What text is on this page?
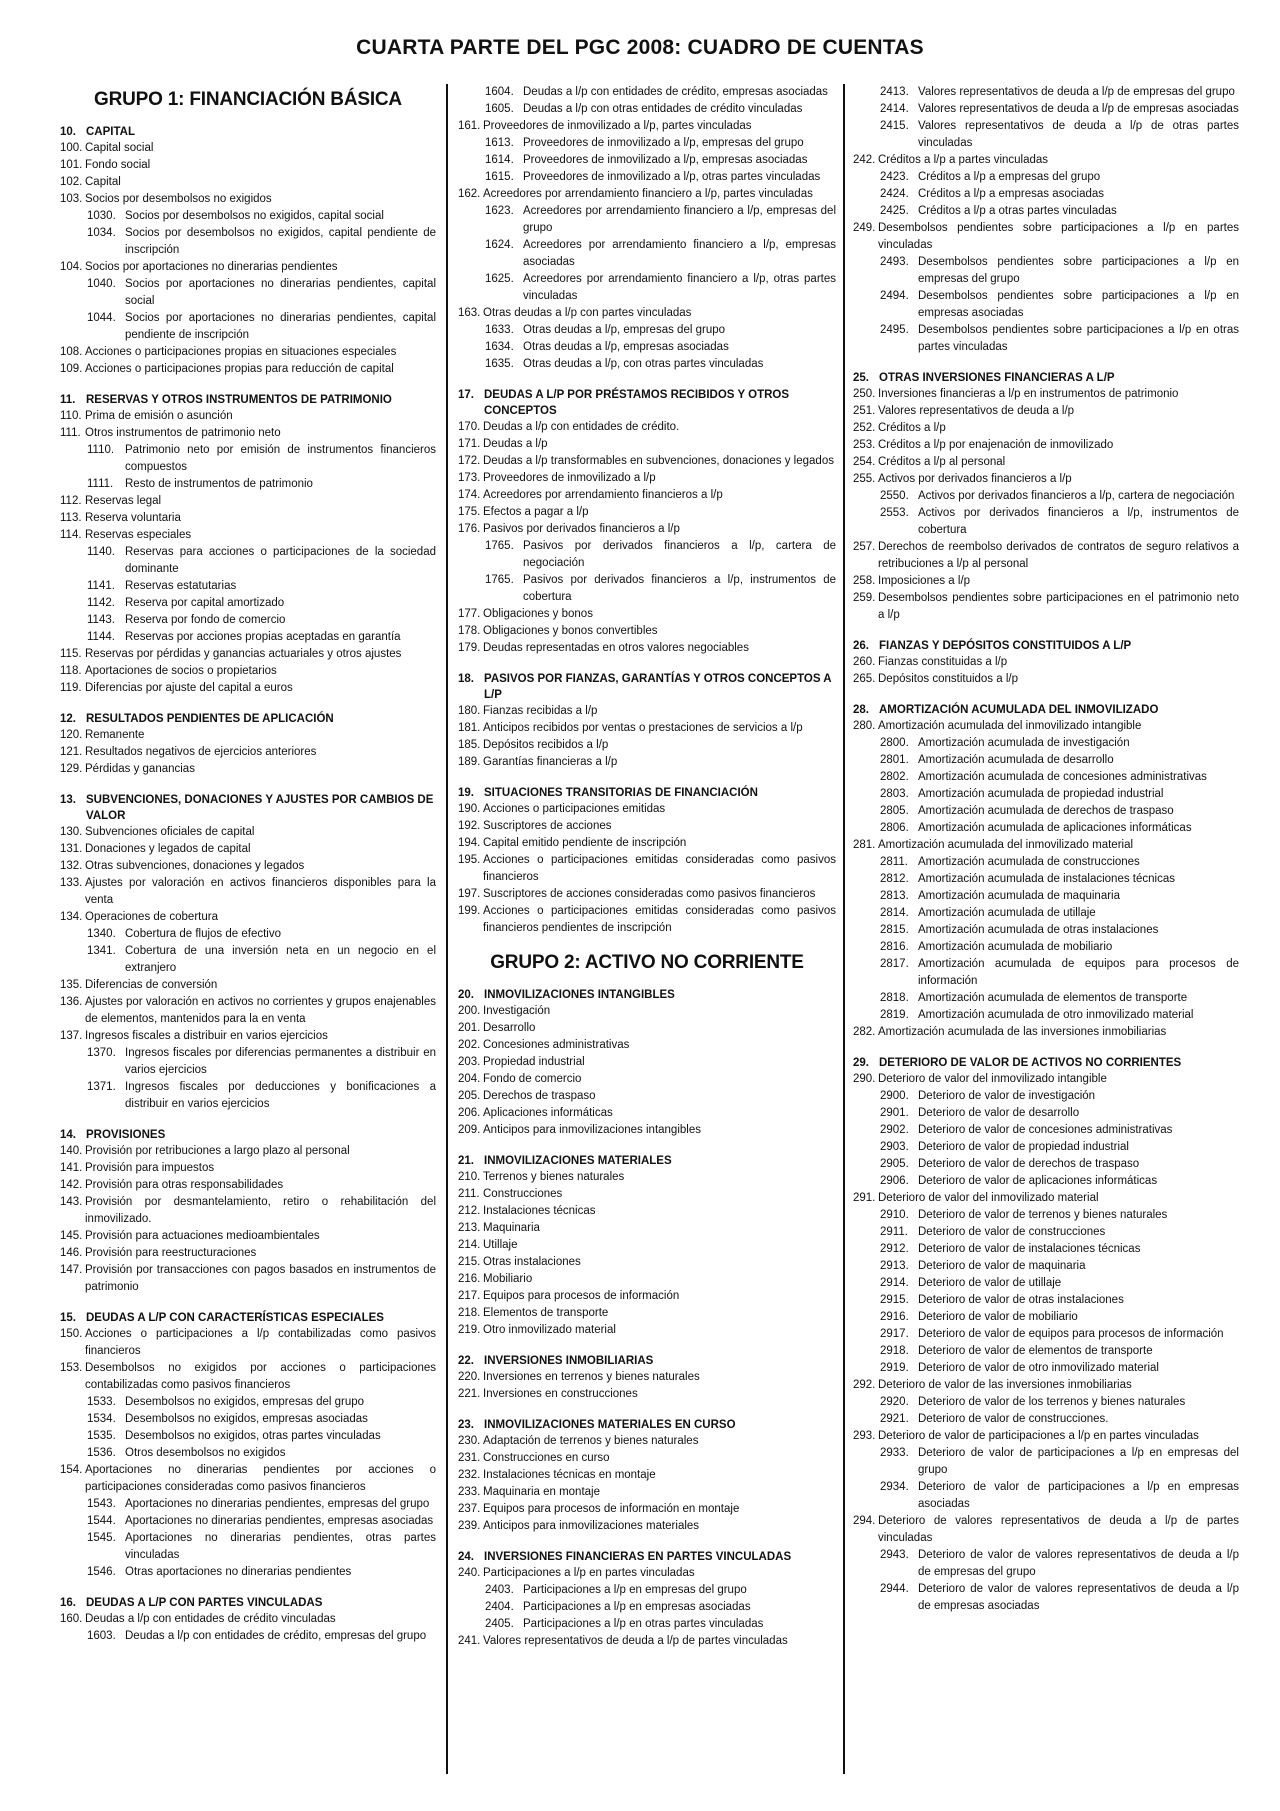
CUARTA PARTE DEL PGC 2008: CUADRO DE CUENTAS
GRUPO 1: FINANCIACIÓN BÁSICA
10. CAPITAL
100. Capital social
101. Fondo social
102. Capital
103. Socios por desembolsos no exigidos
1030. Socios por desembolsos no exigidos, capital social
1034. Socios por desembolsos no exigidos, capital pendiente de inscripción
104. Socios por aportaciones no dinerarias pendientes
1040. Socios por aportaciones no dinerarias pendientes, capital social
1044. Socios por aportaciones no dinerarias pendientes, capital pendiente de inscripción
108. Acciones o participaciones propias en situaciones especiales
109. Acciones o participaciones propias para reducción de capital
11. RESERVAS Y OTROS INSTRUMENTOS DE PATRIMONIO
110. Prima de emisión o asunción
111. Otros instrumentos de patrimonio neto
1110. Patrimonio neto por emisión de instrumentos financieros compuestos
1111.	Resto de instrumentos de patrimonio
112. Reservas legal
113. Reserva voluntaria
114. Reservas especiales
1140. Reservas para acciones o participaciones de la sociedad dominante
1141. Reservas estatutarias
1142. Reserva por capital amortizado
1143. Reserva por fondo de comercio
1144. Reservas por acciones propias aceptadas en garantía
115. Reservas por pérdidas y ganancias actuariales y otros ajustes
118. Aportaciones de socios o propietarios
119. Diferencias por ajuste del capital a euros
12. RESULTADOS PENDIENTES DE APLICACIÓN
120. Remanente
121. Resultados negativos de ejercicios anteriores
129. Pérdidas y ganancias
13. SUBVENCIONES, DONACIONES Y AJUSTES POR CAMBIOS DE VALOR
130. Subvenciones oficiales de capital
131. Donaciones y legados de capital
132. Otras subvenciones, donaciones y legados
133. Ajustes por valoración en activos financieros disponibles para la venta
134. Operaciones de cobertura
1340. Cobertura de flujos de efectivo
1341. Cobertura de una inversión neta en un negocio en el extranjero
135. Diferencias de conversión
136. Ajustes por valoración en activos no corrientes y grupos enajenables de elementos, mantenidos para la en venta
137. Ingresos fiscales a distribuir en varios ejercicios
1370. Ingresos fiscales por diferencias permanentes a distribuir en varios ejercicios
1371. Ingresos fiscales por deducciones y bonificaciones a distribuir en varios ejercicios
14. PROVISIONES
140. Provisión por retribuciones a largo plazo al personal
141. Provisión para impuestos
142. Provisión para otras responsabilidades
143. Provisión por desmantelamiento, retiro o rehabilitación del inmovilizado.
145. Provisión para actuaciones medioambientales
146. Provisión para reestructuraciones
147. Provisión por transacciones con pagos basados en instrumentos de patrimonio
15. DEUDAS A L/P CON CARACTERÍSTICAS ESPECIALES
150. Acciones o participaciones a l/p contabilizadas como pasivos financieros
153. Desembolsos no exigidos por acciones o participaciones contabilizadas como pasivos financieros
1533. Desembolsos no exigidos, empresas del grupo
1534. Desembolsos no exigidos, empresas asociadas
1535. Desembolsos no exigidos, otras partes vinculadas
1536. Otros desembolsos no exigidos
154. Aportaciones no dinerarias pendientes por acciones o participaciones consideradas como pasivos financieros
1543. Aportaciones no dinerarias pendientes, empresas del grupo
1544. Aportaciones no dinerarias pendientes, empresas asociadas
1545. Aportaciones no dinerarias pendientes, otras partes vinculadas
1546. Otras aportaciones no dinerarias pendientes
16. DEUDAS A L/P CON PARTES VINCULADAS
160. Deudas a l/p con entidades de crédito vinculadas
1603. Deudas a l/p con entidades de crédito, empresas del grupo
1604. Deudas a l/p con entidades de crédito, empresas asociadas
1605. Deudas a l/p con otras entidades de crédito vinculadas
161. Proveedores de inmovilizado a l/p, partes vinculadas
1613. Proveedores de inmovilizado a l/p, empresas del grupo
1614. Proveedores de inmovilizado a l/p, empresas asociadas
1615. Proveedores de inmovilizado a l/p, otras partes vinculadas
162. Acreedores por arrendamiento financiero a l/p, partes vinculadas
1623. Acreedores por arrendamiento financiero a l/p, empresas del grupo
1624. Acreedores por arrendamiento financiero a l/p, empresas asociadas
1625. Acreedores por arrendamiento financiero a l/p, otras partes vinculadas
163. Otras deudas a l/p con partes vinculadas
1633. Otras deudas a l/p, empresas del grupo
1634. Otras deudas a l/p, empresas asociadas
1635. Otras deudas a l/p, con otras partes vinculadas
17. DEUDAS A L/P POR PRÉSTAMOS RECIBIDOS Y OTROS CONCEPTOS
170. Deudas a l/p con entidades de crédito.
171. Deudas a l/p
172. Deudas a l/p transformables en subvenciones, donaciones y legados
173. Proveedores de inmovilizado a l/p
174. Acreedores por arrendamiento financieros a l/p
175. Efectos a pagar a l/p
176. Pasivos por derivados financieros a l/p
1765. Pasivos por derivados financieros a l/p, cartera de negociación
1765. Pasivos por derivados financieros a l/p, instrumentos de cobertura
177. Obligaciones y bonos
178. Obligaciones y bonos convertibles
179. Deudas representadas en otros valores negociables
18. PASIVOS POR FIANZAS, GARANTÍAS Y OTROS CONCEPTOS A L/P
180. Fianzas recibidas a l/p
181. Anticipos recibidos por ventas o prestaciones de servicios a l/p
185. Depósitos recibidos a l/p
189. Garantías financieras a l/p
19. SITUACIONES TRANSITORIAS DE FINANCIACIÓN
190. Acciones o participaciones emitidas
192. Suscriptores de acciones
194. Capital emitido pendiente de inscripción
195. Acciones o participaciones emitidas consideradas como pasivos financieros
197. Suscriptores de acciones consideradas como pasivos financieros
199. Acciones o participaciones emitidas consideradas como pasivos financieros pendientes de inscripción
GRUPO 2: ACTIVO NO CORRIENTE
20. INMOVILIZACIONES INTANGIBLES
200. Investigación
201. Desarrollo
202. Concesiones administrativas
203. Propiedad industrial
204. Fondo de comercio
205. Derechos de traspaso
206. Aplicaciones informáticas
209. Anticipos para inmovilizaciones intangibles
21. INMOVILIZACIONES MATERIALES
210. Terrenos y bienes naturales
211. Construcciones
212. Instalaciones técnicas
213. Maquinaria
214. Utillaje
215. Otras instalaciones
216. Mobiliario
217. Equipos para procesos de información
218. Elementos de transporte
219. Otro inmovilizado material
22. INVERSIONES INMOBILIARIAS
220. Inversiones en terrenos y bienes naturales
221. Inversiones en construcciones
23. INMOVILIZACIONES MATERIALES EN CURSO
230. Adaptación de terrenos y bienes naturales
231. Construcciones en curso
232. Instalaciones técnicas en montaje
233. Maquinaria en montaje
237. Equipos para procesos de información en montaje
239. Anticipos para inmovilizaciones materiales
24. INVERSIONES FINANCIERAS EN PARTES VINCULADAS
240. Participaciones a l/p en partes vinculadas
2403. Participaciones a l/p en empresas del grupo
2404. Participaciones a l/p en empresas asociadas
2405. Participaciones a l/p en otras partes vinculadas
241. Valores representativos de deuda a l/p de partes vinculadas
2413. Valores representativos de deuda a l/p de empresas del grupo
2414. Valores representativos de deuda a l/p de empresas asociadas
2415. Valores representativos de deuda a l/p de otras partes vinculadas
242. Créditos a l/p a partes vinculadas
2423. Créditos a l/p a empresas del grupo
2424. Créditos a l/p a empresas asociadas
2425. Créditos a l/p a otras partes vinculadas
249. Desembolsos pendientes sobre participaciones a l/p en partes vinculadas
2493. Desembolsos pendientes sobre participaciones a l/p en empresas del grupo
2494. Desembolsos pendientes sobre participaciones a l/p en empresas asociadas
2495. Desembolsos pendientes sobre participaciones a l/p en otras partes vinculadas
25. OTRAS INVERSIONES FINANCIERAS A L/P
250. Inversiones financieras a l/p en instrumentos de patrimonio
251. Valores representativos de deuda a l/p
252. Créditos a l/p
253. Créditos a l/p por enajenación de inmovilizado
254. Créditos a l/p al personal
255. Activos por derivados financieros a l/p
2550. Activos por derivados financieros a l/p, cartera de negociación
2553. Activos por derivados financieros a l/p, instrumentos de cobertura
257. Derechos de reembolso derivados de contratos de seguro relativos a retribuciones a l/p al personal
258. Imposiciones a l/p
259. Desembolsos pendientes sobre participaciones en el patrimonio neto a l/p
26. FIANZAS Y DEPÓSITOS CONSTITUIDOS A L/P
260. Fianzas constituidas a l/p
265. Depósitos constituidos a l/p
28. AMORTIZACIÓN ACUMULADA DEL INMOVILIZADO
280. Amortización acumulada del inmovilizado intangible
2800. Amortización acumulada de investigación
2801. Amortización acumulada de desarrollo
2802. Amortización acumulada de concesiones administrativas
2803. Amortización acumulada de propiedad industrial
2805. Amortización acumulada de derechos de traspaso
2806. Amortización acumulada de aplicaciones informáticas
281. Amortización acumulada del inmovilizado material
2811. Amortización acumulada de construcciones
2812. Amortización acumulada de instalaciones técnicas
2813. Amortización acumulada de maquinaria
2814. Amortización acumulada de utillaje
2815. Amortización acumulada de otras instalaciones
2816. Amortización acumulada de mobiliario
2817. Amortización acumulada de equipos para procesos de información
2818. Amortización acumulada de elementos de transporte
2819. Amortización acumulada de otro inmovilizado material
282. Amortización acumulada de las inversiones inmobiliarias
29. DETERIORO DE VALOR DE ACTIVOS NO CORRIENTES
290. Deterioro de valor del inmovilizado intangible
2900. Deterioro de valor de investigación
2901. Deterioro de valor de desarrollo
2902. Deterioro de valor de concesiones administrativas
2903. Deterioro de valor de propiedad industrial
2905. Deterioro de valor de derechos de traspaso
2906. Deterioro de valor de aplicaciones informáticas
291. Deterioro de valor del inmovilizado material
2910. Deterioro de valor de terrenos y bienes naturales
2911. Deterioro de valor de construcciones
2912. Deterioro de valor de instalaciones técnicas
2913. Deterioro de valor de maquinaria
2914. Deterioro de valor de utillaje
2915. Deterioro de valor de otras instalaciones
2916. Deterioro de valor de mobiliario
2917. Deterioro de valor de equipos para procesos de información
2918. Deterioro de valor de elementos de transporte
2919. Deterioro de valor de otro inmovilizado material
292. Deterioro de valor de las inversiones inmobiliarias
2920. Deterioro de valor de los terrenos y bienes naturales
2921. Deterioro de valor de construcciones.
293. Deterioro de valor de participaciones a l/p en partes vinculadas
2933. Deterioro de valor de participaciones a l/p en empresas del grupo
2934. Deterioro de valor de participaciones a l/p en empresas asociadas
294. Deterioro de valores representativos de deuda a l/p de partes vinculadas
2943. Deterioro de valor de valores representativos de deuda a l/p de empresas del grupo
2944. Deterioro de valor de valores representativos de deuda a l/p de empresas asociadas
